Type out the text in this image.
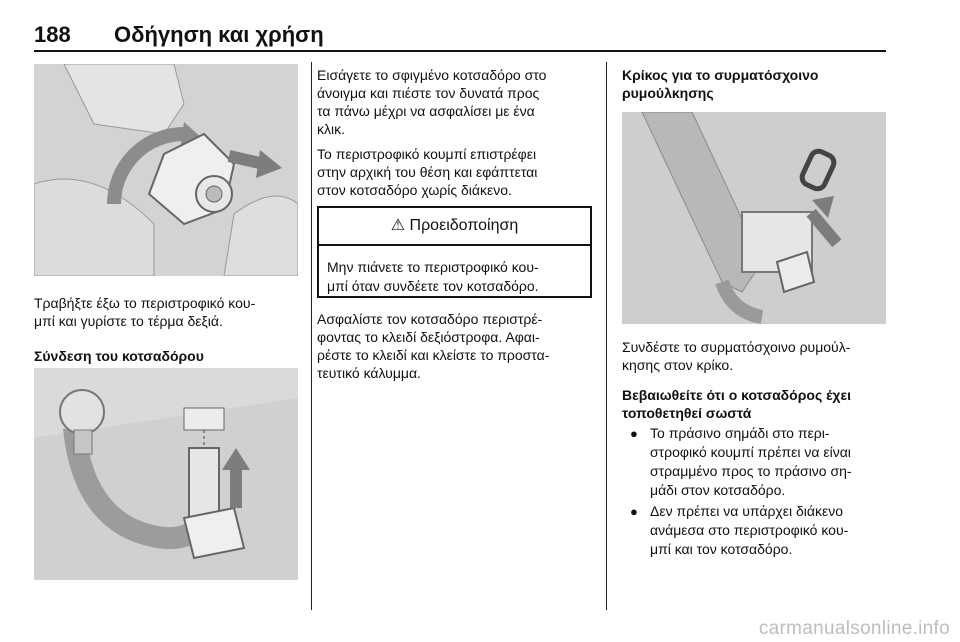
188 Οδήγηση και χρήση
Τραβήξτε έξω το περιστροφικό κου-
μπί και γυρίστε το τέρμα δεξιά.
Σύνδεση του κοτσαδόρου
Εισάγετε το σφιγμένο κοτσαδόρο στο
άνοιγμα και πιέστε τον δυνατά προς
τα πάνω μέχρι να ασφαλίσει με ένα
κλικ.
Το περιστροφικό κουμπί επιστρέφει
στην αρχική του θέση και εφάπτεται
στον κοτσαδόρο χωρίς διάκενο.
⚠ Προειδοποίηση
Μην πιάνετε το περιστροφικό κου-
μπί όταν συνδέετε τον κοτσαδόρο.
Ασφαλίστε τον κοτσαδόρο περιστρέ-
φοντας το κλειδί δεξιόστροφα. Αφαι-
ρέστε το κλειδί και κλείστε το προστα-
τευτικό κάλυμμα.
Κρίκος για το συρματόσχοινο
ρυμούλκησης
Συνδέστε το συρματόσχοινο ρυμούλ-
κησης στον κρίκο.
Βεβαιωθείτε ότι ο κοτσαδόρος έχει
τοποθετηθεί σωστά
● Το πράσινο σημάδι στο περι-
στροφικό κουμπί πρέπει να είναι
στραμμένο προς το πράσινο ση-
μάδι στον κοτσαδόρο.
● Δεν πρέπει να υπάρχει διάκενο
ανάμεσα στο περιστροφικό κου-
μπί και τον κοτσαδόρο.
carmanualsonline.info
